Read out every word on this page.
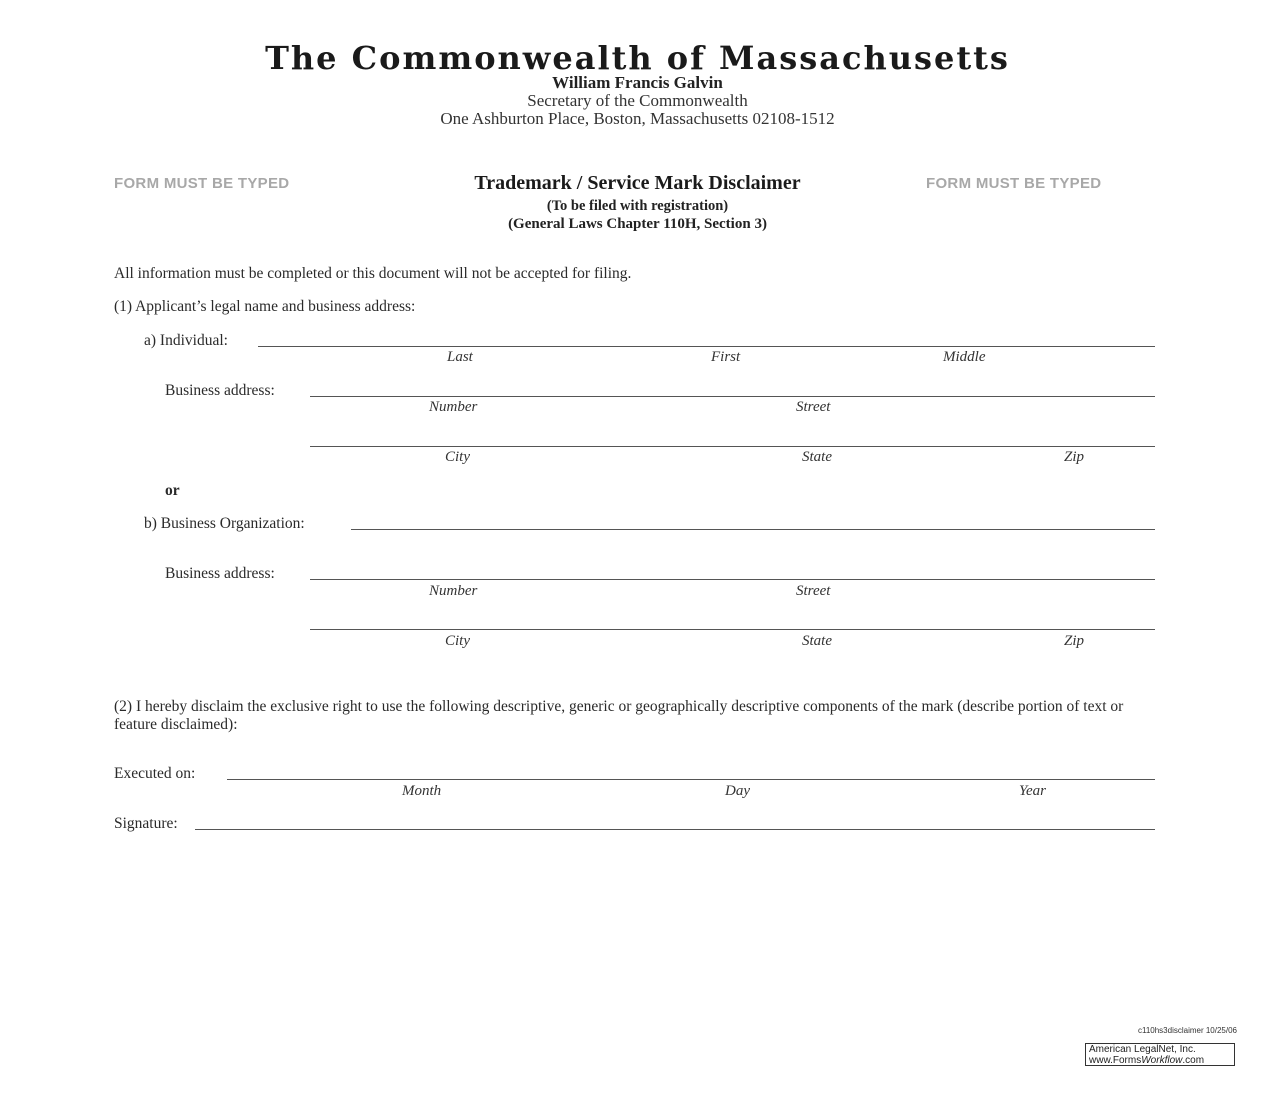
The Commonwealth of Massachusetts
William Francis Galvin
Secretary of the Commonwealth
One Ashburton Place, Boston, Massachusetts 02108-1512
FORM MUST BE TYPED	FORM MUST BE TYPED
Trademark / Service Mark Disclaimer
(To be filed with registration)
(General Laws Chapter 110H, Section 3)
All information must be completed or this document will not be accepted for filing.
(1) Applicant’s legal name and business address:
a) Individual:
Last	First	Middle
Business address:
Number	Street
City	State	Zip
or
b) Business Organization:
Business address:
Number	Street
City	State	Zip
(2) I hereby disclaim the exclusive right to use the following descriptive, generic or geographically descriptive components of the mark (describe portion of text or feature disclaimed):
Executed on:
Month	Day	Year
Signature:
c110hs3disclaimer 10/25/06
American LegalNet, Inc.
www.FormsWorkflow.com
